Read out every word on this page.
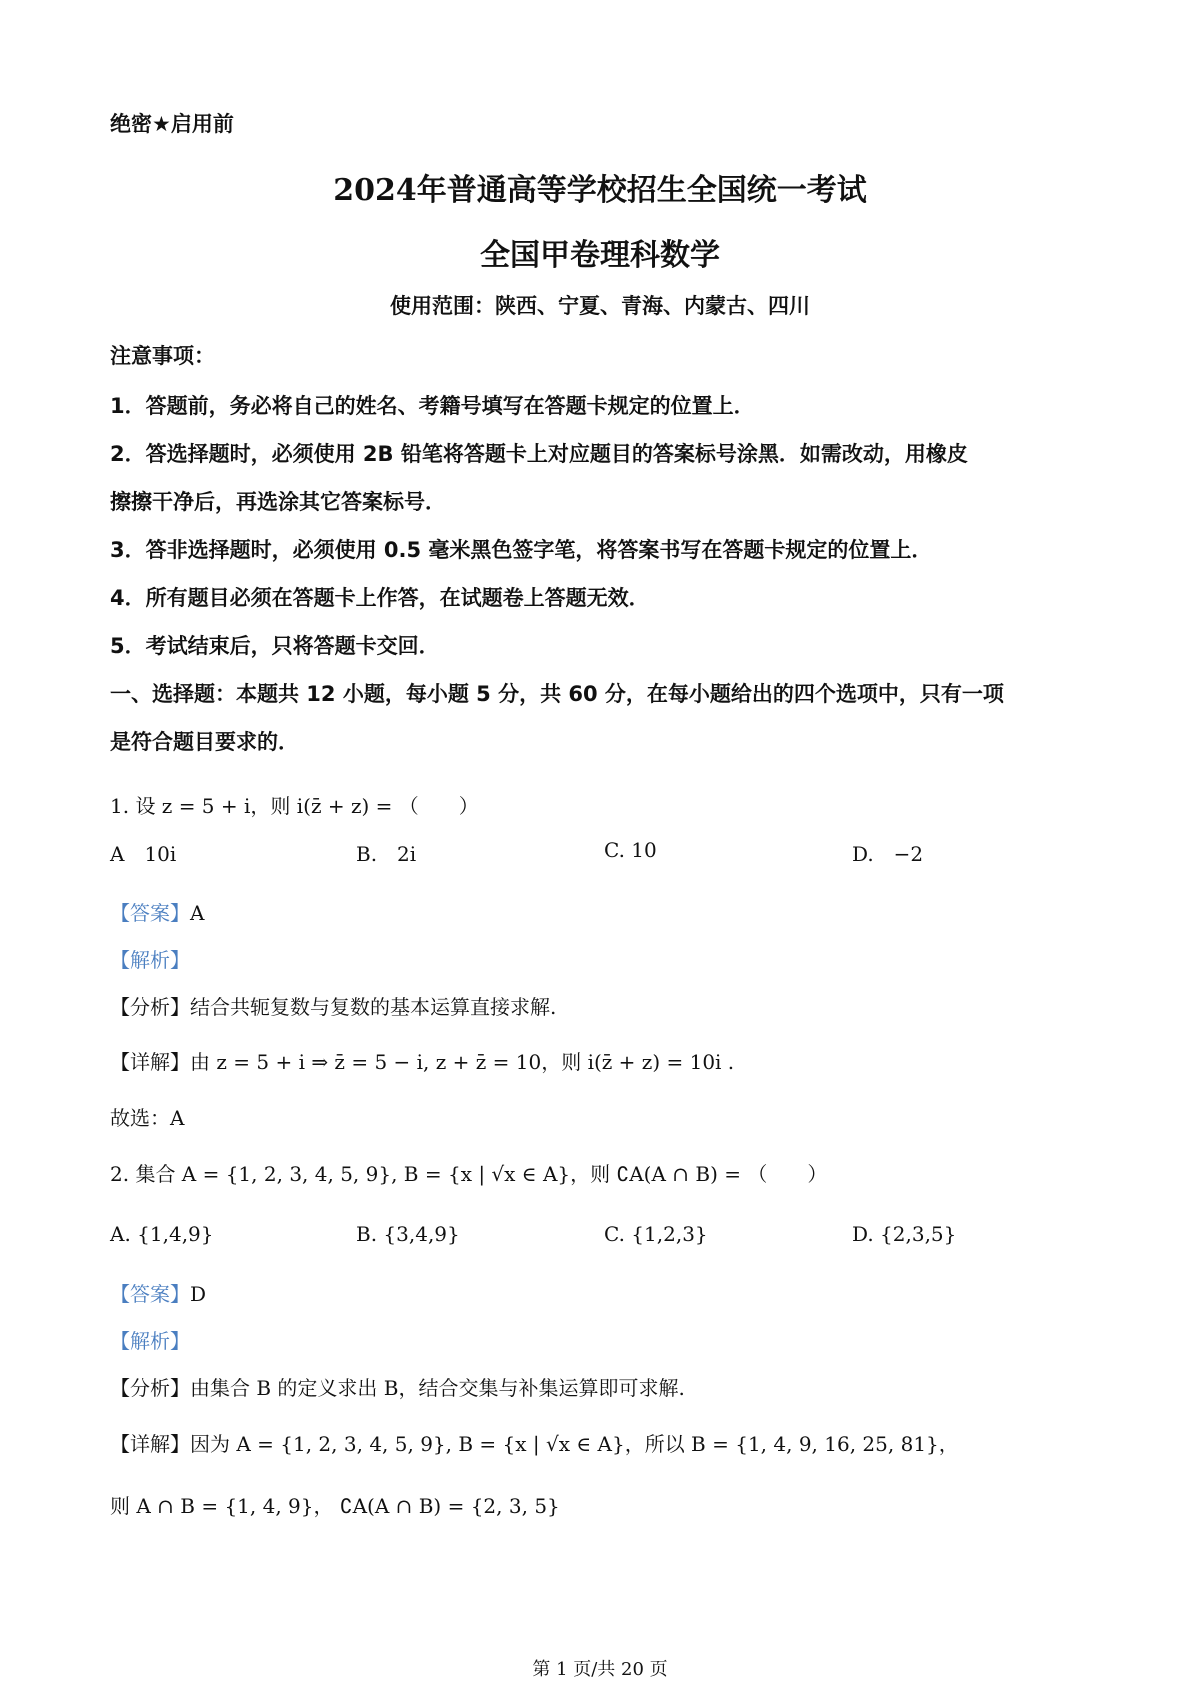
绝密★启用前
2024年普通高等学校招生全国统一考试
全国甲卷理科数学
使用范围：陕西、宁夏、青海、内蒙古、四川
注意事项：
1．答题前，务必将自己的姓名、考籍号填写在答题卡规定的位置上．
2．答选择题时，必须使用 2B 铅笔将答题卡上对应题目的答案标号涂黑．如需改动，用橡皮
擦擦干净后，再选涂其它答案标号．
3．答非选择题时，必须使用 0.5 毫米黑色签字笔，将答案书写在答题卡规定的位置上．
4．所有题目必须在答题卡上作答，在试题卷上答题无效．
5．考试结束后，只将答题卡交回．
一、选择题：本题共 12 小题，每小题 5 分，共 60 分，在每小题给出的四个选项中，只有一项
是符合题目要求的．
1. 设 z = 5 + i，则 i(z̄ + z) = （　　）
A　10i	B.　2i	C. 10	D.　−2
【答案】A
【解析】
【分析】结合共轭复数与复数的基本运算直接求解.
【详解】由 z = 5 + i ⇒ z̄ = 5 − i, z + z̄ = 10，则 i(z̄ + z) = 10i .
故选：A
2. 集合 A = {1, 2, 3, 4, 5, 9}, B = {x | √x ∈ A}，则 ∁A(A ∩ B) = （　　）
A. {1,4,9}	B. {3,4,9}	C. {1,2,3}	D. {2,3,5}
【答案】D
【解析】
【分析】由集合 B 的定义求出 B，结合交集与补集运算即可求解.
【详解】因为 A = {1, 2, 3, 4, 5, 9}, B = {x | √x ∈ A}，所以 B = {1, 4, 9, 16, 25, 81}，
则 A ∩ B = {1, 4, 9}， ∁A(A ∩ B) = {2, 3, 5}
第 1 页/共 20 页
